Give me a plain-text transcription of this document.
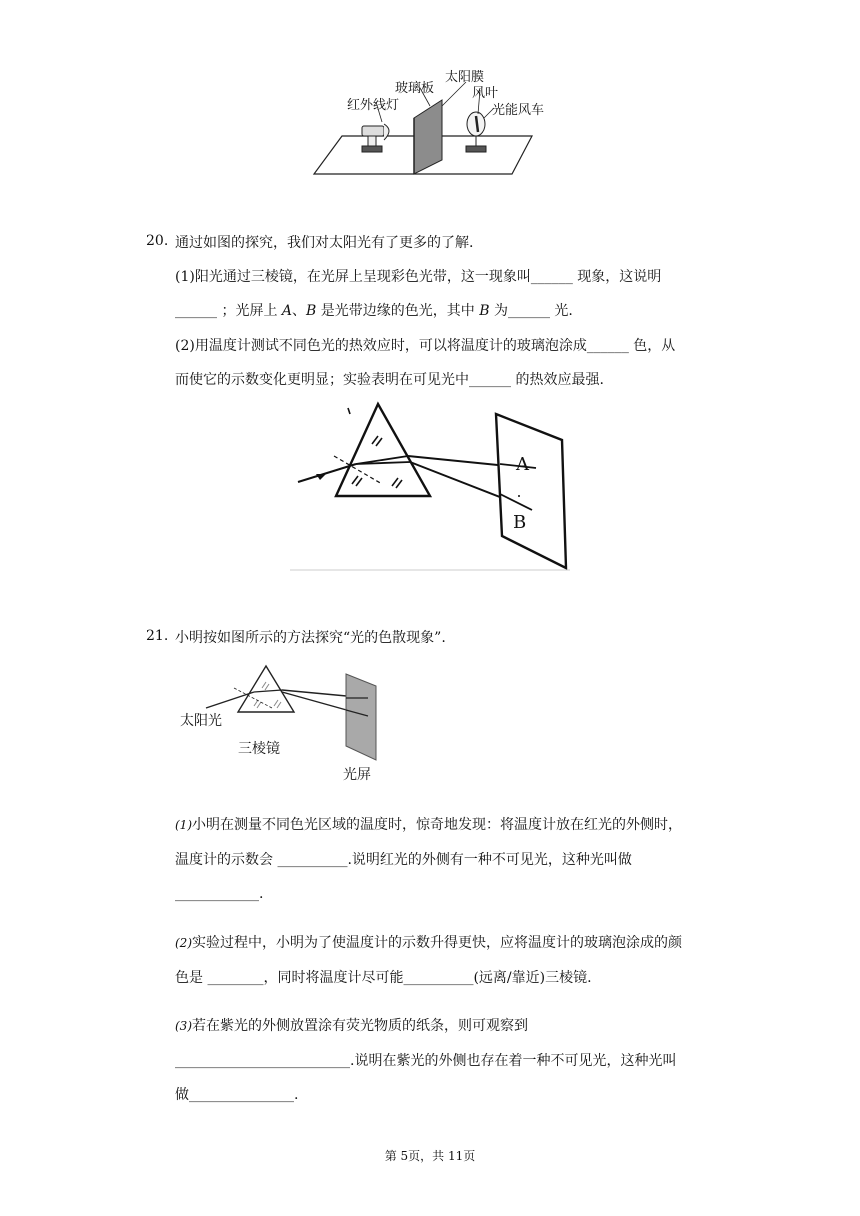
红外线灯
玻璃板
太阳膜
风叶
光能风车
20. 通过如图的探究，我们对太阳光有了更多的了解.
(1)阳光通过三棱镜，在光屏上呈现彩色光带，这一现象叫______ 现象，这说明
______ ；光屏上 A、B 是光带边缘的色光，其中 B 为______ 光.
(2)用温度计测试不同色光的热效应时，可以将温度计的玻璃泡涂成______ 色，从
而使它的示数变化更明显；实验表明在可见光中______ 的热效应最强.
A
B
21. 小明按如图所示的方法探究“光的色散现象”.
太阳光
三棱镜
光屏
(1)小明在测量不同色光区域的温度时，惊奇地发现：将温度计放在红光的外侧时，
温度计的示数会 __________.说明红光的外侧有一种不可见光，这种光叫做
____________.
(2)实验过程中，小明为了使温度计的示数升得更快，应将温度计的玻璃泡涂成的颜
色是 ________，同时将温度计尽可能__________(远离/靠近)三棱镜.
(3)若在紫光的外侧放置涂有荧光物质的纸条，则可观察到
_________________________.说明在紫光的外侧也存在着一种不可见光，这种光叫
做_______________.
第 5页，共 11页
